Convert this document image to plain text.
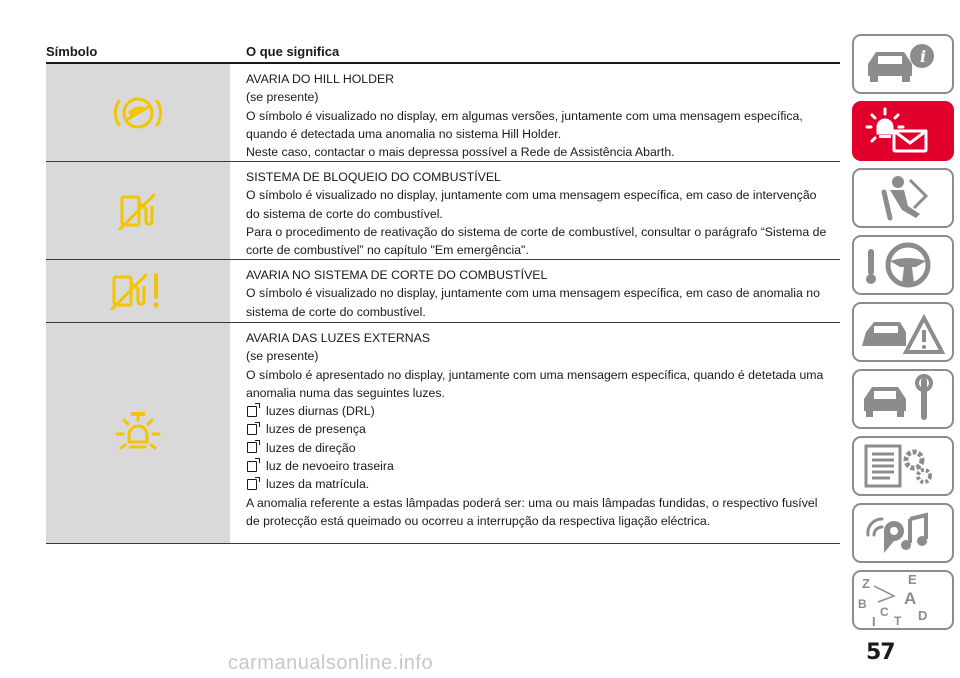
Símbolo	O que significa

AVARIA DO HILL HOLDER

(se presente)

O símbolo é visualizado no display, em algumas versões, juntamente com uma mensagem específica,

quando é detectada uma anomalia no sistema Hill Holder.

Neste caso, contactar o mais depressa possível a Rede de Assistência Abarth.

SISTEMA DE BLOQUEIO DO COMBUSTÍVEL

O símbolo é visualizado no display, juntamente com uma mensagem específica, em caso de intervenção

do sistema de corte do combustível.

Para o procedimento de reativação do sistema de corte de combustível, consultar o parágrafo “Sistema de

corte de combustível” no capítulo "Em emergência".

AVARIA NO SISTEMA DE CORTE DO COMBUSTÍVEL

O símbolo é visualizado no display, juntamente com uma mensagem específica, em caso de anomalia no

sistema de corte do combustível.

AVARIA DAS LUZES EXTERNAS

(se presente)

O símbolo é apresentado no display, juntamente com uma mensagem específica, quando é detetada uma

anomalia numa das seguintes luzes.

luzes diurnas (DRL)

luzes de presença

luzes de direção

luz de nevoeiro traseira

luzes da matrícula.

A anomalia referente a estas lâmpadas poderá ser: uma ou mais lâmpadas fundidas, o respectivo fusível

de protecção está queimado ou ocorreu a interrupção da respectiva ligação eléctrica.

i
Z	E
B A
C D
T
I
57
carmanualsonline.info
